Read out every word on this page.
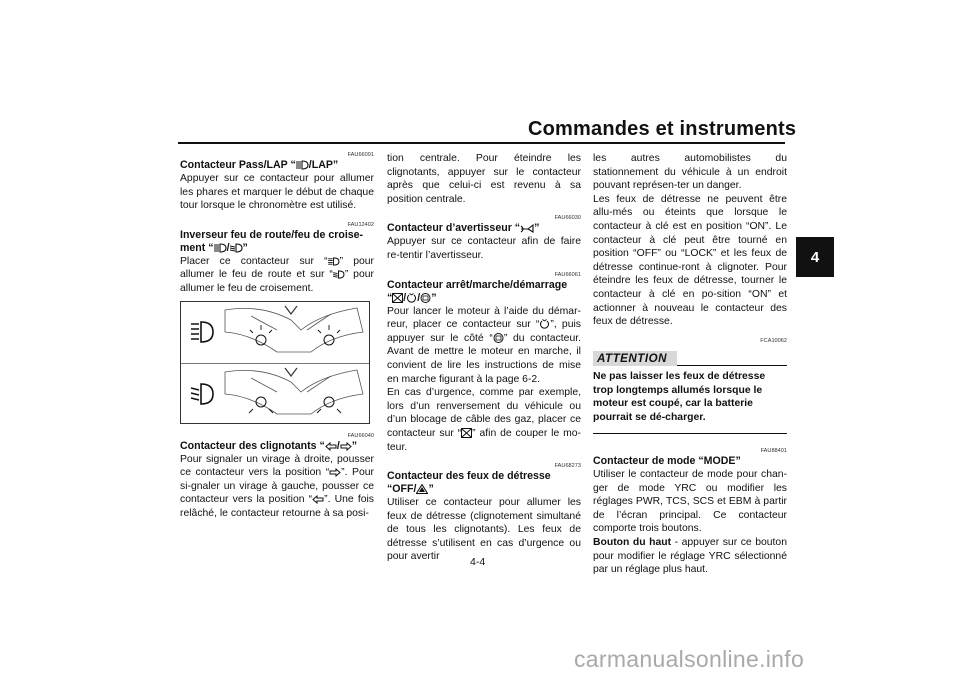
Commandes et instruments
4
FAU66091
Contacteur Pass/LAP “ /LAP”

Appuyer sur ce contacteur pour allumer les phares et marquer le début de chaque tour lorsque le chronomètre est utilisé.

FAU12402
Inverseur feu de route/feu de croise-ment “ / ”

Placer ce contacteur sur “ ” pour allumer le feu de route et sur “ ” pour allumer le feu de croisement.

FAU66040
Contacteur des clignotants “ / ”

Pour signaler un virage à droite, pousser ce contacteur vers la position “ ”. Pour si-gnaler un virage à gauche, pousser ce contacteur vers la position “ ”. Une fois relâché, le contacteur retourne à sa posi-

tion centrale. Pour éteindre les clignotants, appuyer sur le contacteur après que celui-ci est revenu à sa position centrale.

FAU66030
Contacteur d’avertisseur “ ”

Appuyer sur ce contacteur afin de faire re-tentir l’avertisseur.

FAU66061
Contacteur arrêt/marche/démarrage
“ / / ”

Pour lancer le moteur à l’aide du démar-reur, placer ce contacteur sur “ ”, puis appuyer sur le côté “ ” du contacteur. Avant de mettre le moteur en marche, il convient de lire les instructions de mise en marche figurant à la page 6-2.

En cas d’urgence, comme par exemple, lors d’un renversement du véhicule ou d’un blocage de câble des gaz, placer ce contacteur sur “ ” afin de couper le mo-teur.

FAU68273
Contacteur des feux de détresse
“OFF/ ”

Utiliser ce contacteur pour allumer les feux de détresse (clignotement simultané de tous les clignotants). Les feux de détresse s’utilisent en cas d’urgence ou pour avertir

les autres automobilistes du stationnement du véhicule à un endroit pouvant représen-ter un danger.

Les feux de détresse ne peuvent être allu-més ou éteints que lorsque le contacteur à clé est en position “ON”. Le contacteur à clé peut être tourné en position “OFF” ou “LOCK” et les feux de détresse continue-ront à clignoter. Pour éteindre les feux de détresse, tourner le contacteur à clé en po-sition “ON” et actionner à nouveau le contacteur des feux de détresse.

FCA10062
ATTENTION
Ne pas laisser les feux de détresse trop longtemps allumés lorsque le moteur est coupé, car la batterie pourrait se dé-charger.
FAU88401
Contacteur de mode “MODE”

Utiliser le contacteur de mode pour chan-ger de mode YRC ou modifier les réglages PWR, TCS, SCS et EBM à partir de l’écran principal. Ce contacteur comporte trois boutons.

Bouton du haut - appuyer sur ce bouton pour modifier le réglage YRC sélectionné par un réglage plus haut.

4-4
carmanualsonline.info
